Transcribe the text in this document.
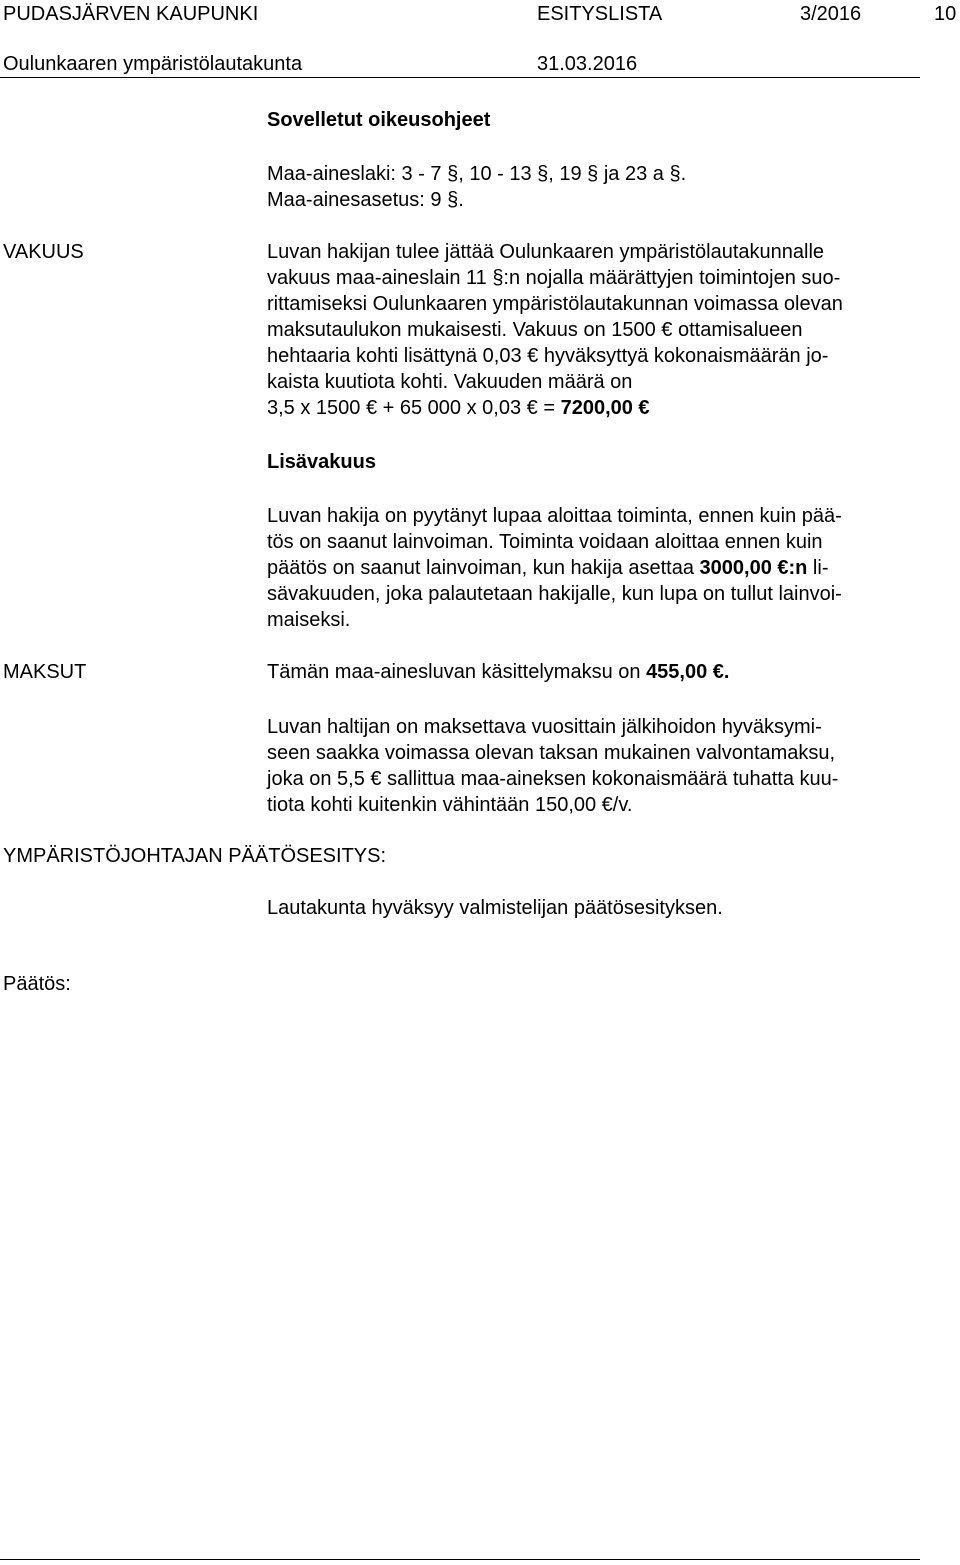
PUDASJÄRVEN KAUPUNKI	ESITYSLISTA	3/2016	10
Oulunkaaren ympäristölautakunta	31.03.2016
Sovelletut oikeusohjeet
Maa-aineslaki: 3 - 7 §, 10 - 13 §, 19 § ja 23 a §.
Maa-ainesasetus: 9 §.
VAKUUS	Luvan hakijan tulee jättää Oulunkaaren ympäristölautakunnalle
vakuus maa-aineslain 11 §:n nojalla määrättyjen toimintojen suo-
rittamiseksi Oulunkaaren ympäristölautakunnan voimassa olevan
maksutaulukon mukaisesti. Vakuus on 1500 € ottamisalueen
hehtaaria kohti lisättynä 0,03 € hyväksyttyä kokonaismäärän jo-
kaista kuutiota kohti. Vakuuden määrä on
3,5 x 1500 € + 65 000 x 0,03 € = 7200,00 €
Lisävakuus
Luvan hakija on pyytänyt lupaa aloittaa toiminta, ennen kuin pää-
tös on saanut lainvoiman. Toiminta voidaan aloittaa ennen kuin
päätös on saanut lainvoiman, kun hakija asettaa 3000,00 €:n li-
sävakuuden, joka palautetaan hakijalle, kun lupa on tullut lainvoi-
maiseksi.
MAKSUT	Tämän maa-ainesluvan käsittelymaksu on 455,00 €.
Luvan haltijan on maksettava vuosittain jälkihoidon hyväksymi-
seen saakka voimassa olevan taksan mukainen valvontamaksu,
joka on 5,5 € sallittua maa-aineksen kokonaismäärä tuhatta kuu-
tiota kohti kuitenkin vähintään 150,00 €/v.
YMPÄRISTÖJOHTAJAN PÄÄTÖSESITYS:
Lautakunta hyväksyy valmistelijan päätösesityksen.
Päätös:
